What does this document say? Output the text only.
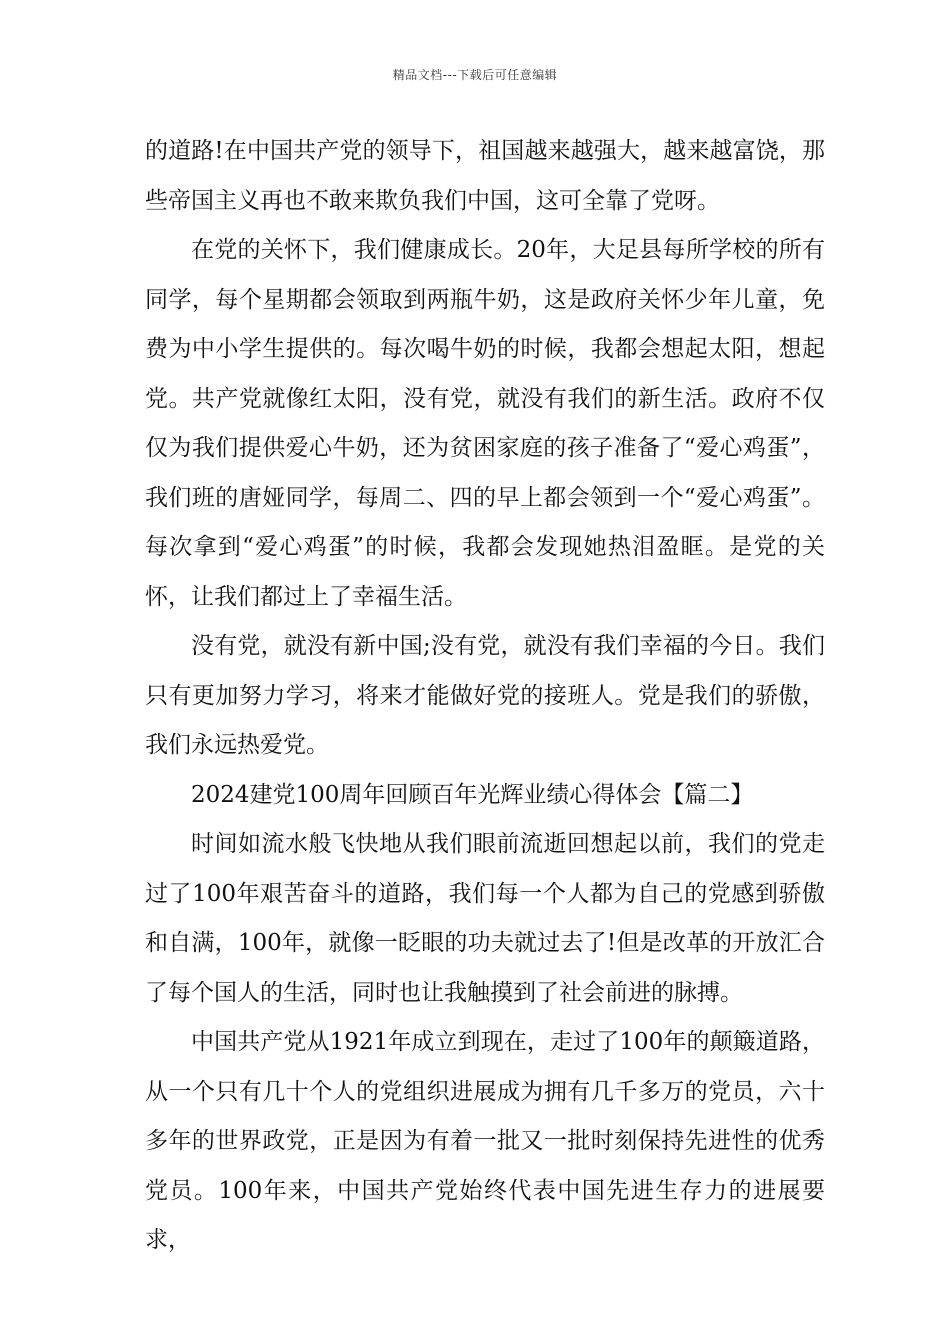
精品文档---下载后可任意编辑

的道路!在中国共产党的领导下，祖国越来越强大，越来越富饶，那些帝国主义再也不敢来欺负我们中国，这可全靠了党呀。

在党的关怀下，我们健康成长。20年，大足县每所学校的所有同学，每个星期都会领取到两瓶牛奶，这是政府关怀少年儿童，免费为中小学生提供的。每次喝牛奶的时候，我都会想起太阳，想起党。共产党就像红太阳，没有党，就没有我们的新生活。政府不仅仅为我们提供爱心牛奶，还为贫困家庭的孩子准备了“爱心鸡蛋”，我们班的唐娅同学，每周二、四的早上都会领到一个“爱心鸡蛋”。每次拿到“爱心鸡蛋”的时候，我都会发现她热泪盈眶。是党的关怀，让我们都过上了幸福生活。

没有党，就没有新中国;没有党，就没有我们幸福的今日。我们只有更加努力学习，将来才能做好党的接班人。党是我们的骄傲，我们永远热爱党。

2024建党100周年回顾百年光辉业绩心得体会【篇二】

时间如流水般飞快地从我们眼前流逝回想起以前，我们的党走过了100年艰苦奋斗的道路，我们每一个人都为自己的党感到骄傲和自满，100年，就像一眨眼的功夫就过去了!但是改革的开放汇合了每个国人的生活，同时也让我触摸到了社会前进的脉搏。

中国共产党从1921年成立到现在，走过了100年的颠簸道路，从一个只有几十个人的党组织进展成为拥有几千多万的党员，六十多年的世界政党，正是因为有着一批又一批时刻保持先进性的优秀党员。100年来，中国共产党始终代表中国先进生存力的进展要求，
